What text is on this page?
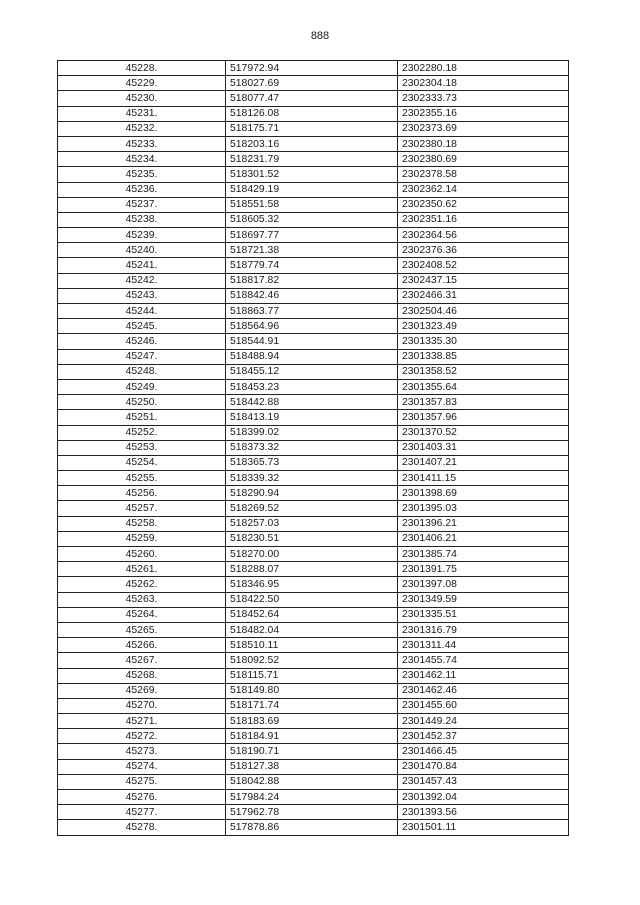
888
45228.	517972.94	2302280.18
45229.	518027.69	2302304.18
45230.	518077.47	2302333.73
45231.	518126.08	2302355.16
45232.	518175.71	2302373.69
45233.	518203.16	2302380.18
45234.	518231.79	2302380.69
45235.	518301.52	2302378.58
45236.	518429.19	2302362.14
45237.	518551.58	2302350.62
45238.	518605.32	2302351.16
45239.	518697.77	2302364.56
45240.	518721.38	2302376.36
45241.	518779.74	2302408.52
45242.	518817.82	2302437.15
45243.	518842.46	2302466.31
45244.	518863.77	2302504.46
45245.	518564.96	2301323.49
45246.	518544.91	2301335.30
45247.	518488.94	2301338.85
45248.	518455.12	2301358.52
45249.	518453.23	2301355.64
45250.	518442.88	2301357.83
45251.	518413.19	2301357.96
45252.	518399.02	2301370.52
45253.	518373.32	2301403.31
45254.	518365.73	2301407.21
45255.	518339.32	2301411.15
45256.	518290.94	2301398.69
45257.	518269.52	2301395.03
45258.	518257.03	2301396.21
45259.	518230.51	2301406.21
45260.	518270.00	2301385.74
45261.	518288.07	2301391.75
45262.	518346.95	2301397.08
45263.	518422.50	2301349.59
45264.	518452.64	2301335.51
45265.	518482.04	2301316.79
45266.	518510.11	2301311.44
45267.	518092.52	2301455.74
45268.	518115.71	2301462.11
45269.	518149.80	2301462.46
45270.	518171.74	2301455.60
45271.	518183.69	2301449.24
45272.	518184.91	2301452.37
45273.	518190.71	2301466.45
45274.	518127.38	2301470.84
45275.	518042.88	2301457.43
45276.	517984.24	2301392.04
45277.	517962.78	2301393.56
45278.	517878.86	2301501.11
